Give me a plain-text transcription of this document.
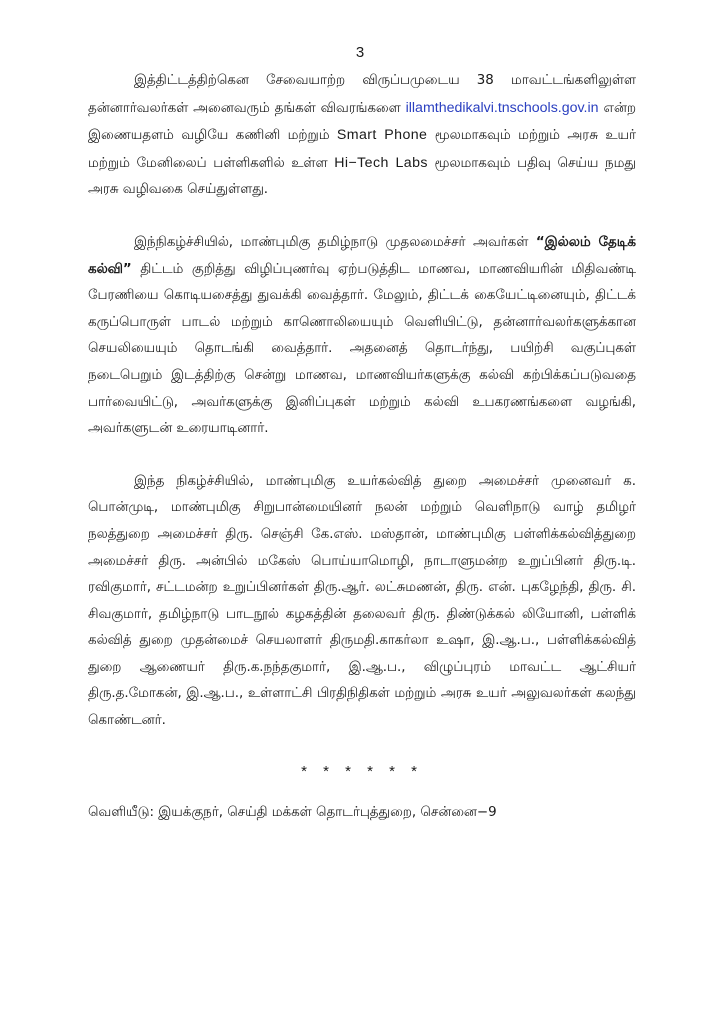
3

இத்திட்டத்திற்கென சேவையாற்ற விருப்பமுடைய 38 மாவட்டங்களிலுள்ள தன்னார்வலர்கள் அனைவரும் தங்கள் விவரங்களை illamthedikalvi.tnschools.gov.in என்ற இணையதளம் வழியே கணினி மற்றும் Smart Phone மூலமாகவும் மற்றும் அரசு உயர் மற்றும் மேனிலைப் பள்ளிகளில் உள்ள Hi−Tech Labs மூலமாகவும் பதிவு செய்ய நமது அரசு வழிவகை செய்துள்ளது.

இந்நிகழ்ச்சியில், மாண்புமிகு தமிழ்நாடு முதலமைச்சர் அவர்கள் “இல்லம் தேடிக் கல்வி” திட்டம் குறித்து விழிப்புணர்வு ஏற்படுத்திட மாணவ, மாணவியரின் மிதிவண்டி பேரணியை கொடியசைத்து துவக்கி வைத்தார். மேலும், திட்டக் கையேட்டினையும், திட்டக் கருப்பொருள் பாடல் மற்றும் காணொலியையும் வெளியிட்டு, தன்னார்வலர்களுக்கான செயலியையும் தொடங்கி வைத்தார். அதனைத் தொடர்ந்து, பயிற்சி வகுப்புகள் நடைபெறும் இடத்திற்கு சென்று மாணவ, மாணவியர்களுக்கு கல்வி கற்பிக்கப்படுவதை பார்வையிட்டு, அவர்களுக்கு இனிப்புகள் மற்றும் கல்வி உபகரணங்களை வழங்கி, அவர்களுடன் உரையாடினார்.

இந்த நிகழ்ச்சியில், மாண்புமிகு உயர்கல்வித் துறை அமைச்சர் முனைவர் க. பொன்முடி, மாண்புமிகு சிறுபான்மையினர் நலன் மற்றும் வெளிநாடு வாழ் தமிழர் நலத்துறை அமைச்சர் திரு. செஞ்சி கே.எஸ். மஸ்தான், மாண்புமிகு பள்ளிக்கல்வித்துறை அமைச்சர் திரு. அன்பில் மகேஸ் பொய்யாமொழி, நாடாளுமன்ற உறுப்பினர் திரு.டி. ரவிகுமார், சட்டமன்ற உறுப்பினர்கள் திரு.ஆர். லட்சுமணன், திரு. என். புகழேந்தி, திரு. சி. சிவகுமார், தமிழ்நாடு பாடநூல் கழகத்தின் தலைவர் திரு. திண்டுக்கல் லியோனி, பள்ளிக் கல்வித் துறை முதன்மைச் செயலாளர் திருமதி.காகர்லா உஷா, இ.ஆ.ப., பள்ளிக்கல்வித் துறை ஆணையர் திரு.க.நந்தகுமார், இ.ஆ.ப., விழுப்புரம் மாவட்ட ஆட்சியர் திரு.த.மோகன், இ.ஆ.ப., உள்ளாட்சி பிரதிநிதிகள் மற்றும் அரசு உயர் அலுவலர்கள் கலந்து கொண்டனர்.

* * * * * *
வெளியீடு: இயக்குநர், செய்தி மக்கள் தொடர்புத்துறை, சென்னை−9
